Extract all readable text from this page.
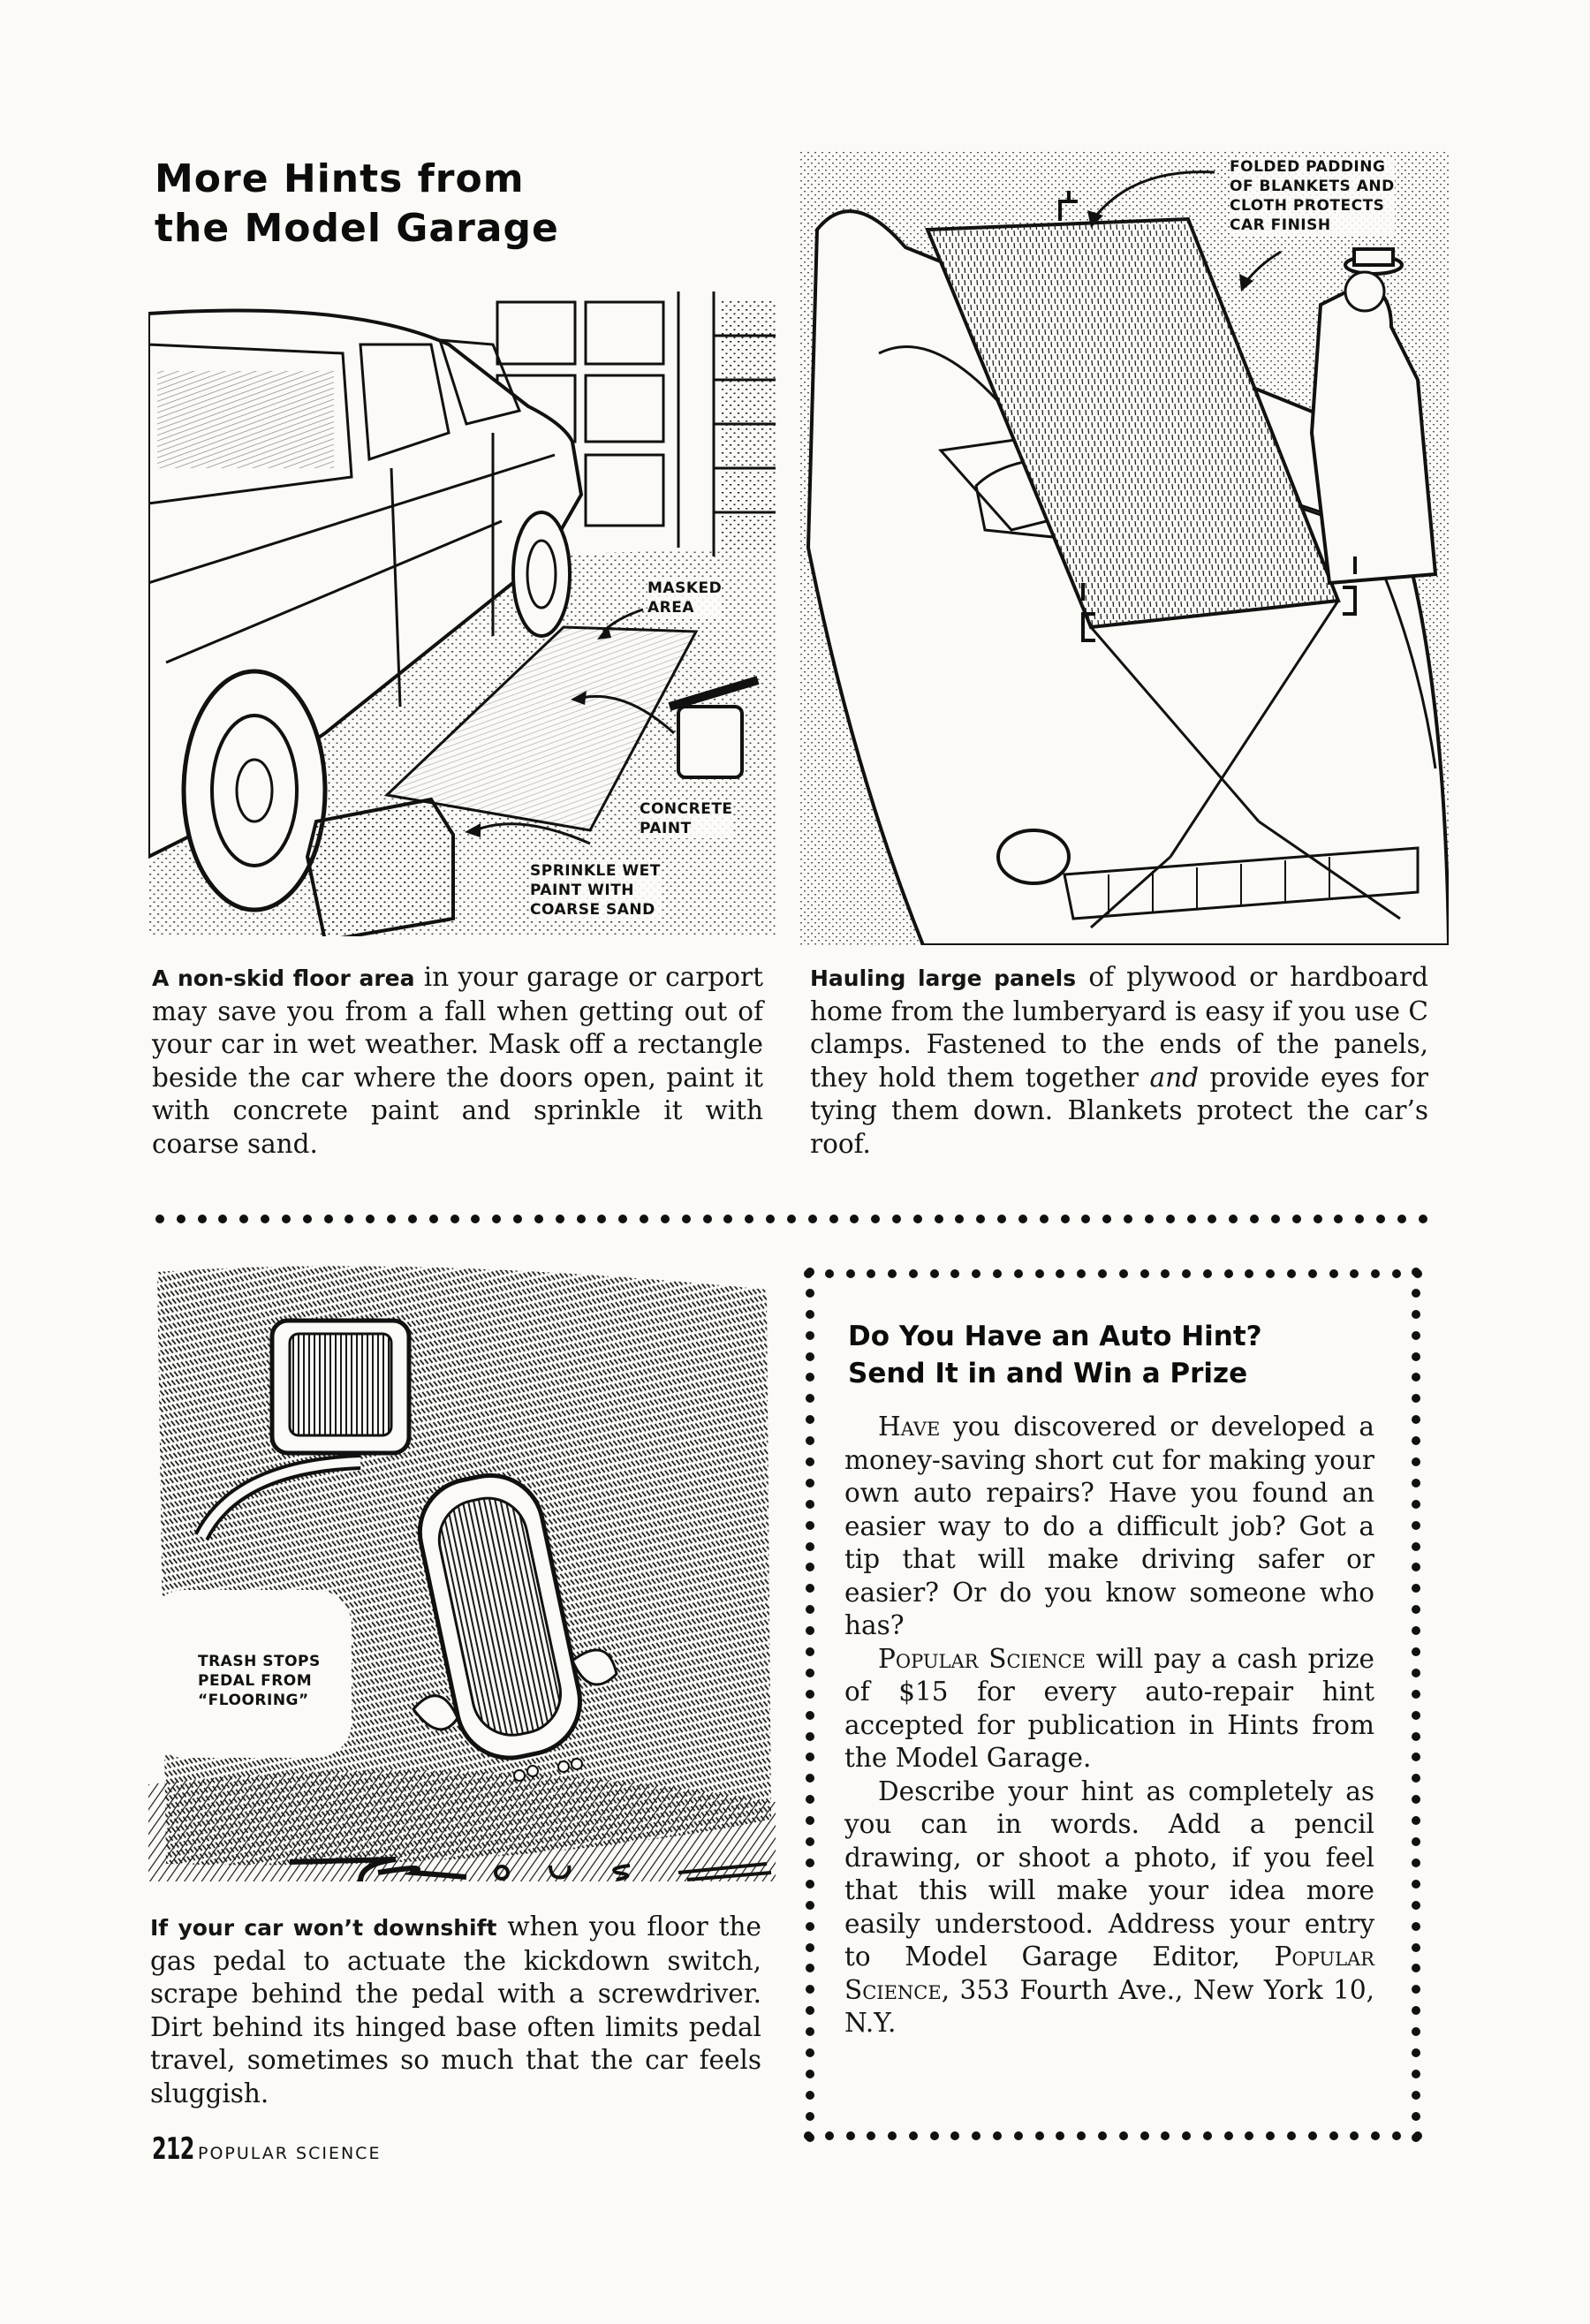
More Hints from
the Model Garage
MASKED
AREA
CONCRETE
PAINT
SPRINKLE WET
PAINT WITH
COARSE SAND
FOLDED PADDING
OF BLANKETS AND
CLOTH PROTECTS
CAR FINISH

A non-skid floor area in your garage or carport may save you from a fall when getting out of your car in wet weather. Mask off a rectangle beside the car where the doors open, paint it with concrete paint and sprinkle it with coarse sand.

Hauling large panels of plywood or hardboard home from the lumberyard is easy if you use C clamps. Fastened to the ends of the panels, they hold them together and provide eyes for tying them down. Blankets protect the car’s roof.

TRASH STOPS
PEDAL FROM
“FLOORING”

If your car won’t downshift when you floor the gas pedal to actuate the kickdown switch, scrape behind the pedal with a screwdriver. Dirt behind its hinged base often limits pedal travel, sometimes so much that the car feels sluggish.

Do You Have an Auto Hint?
Send It in and Win a Prize

Have you discovered or developed a money-saving short cut for making your own auto repairs? Have you found an easier way to do a difficult job? Got a tip that will make driving safer or easier? Or do you know someone who has?

Popular Science will pay a cash prize of $15 for every auto-repair hint accepted for publication in Hints from the Model Garage.

Describe your hint as completely as you can in words. Add a pencil drawing, or shoot a photo, if you feel that this will make your idea more easily understood. Address your entry to Model Garage Editor, Popular Science, 353 Fourth Ave., New York 10, N.Y.

212 POPULAR SCIENCE
